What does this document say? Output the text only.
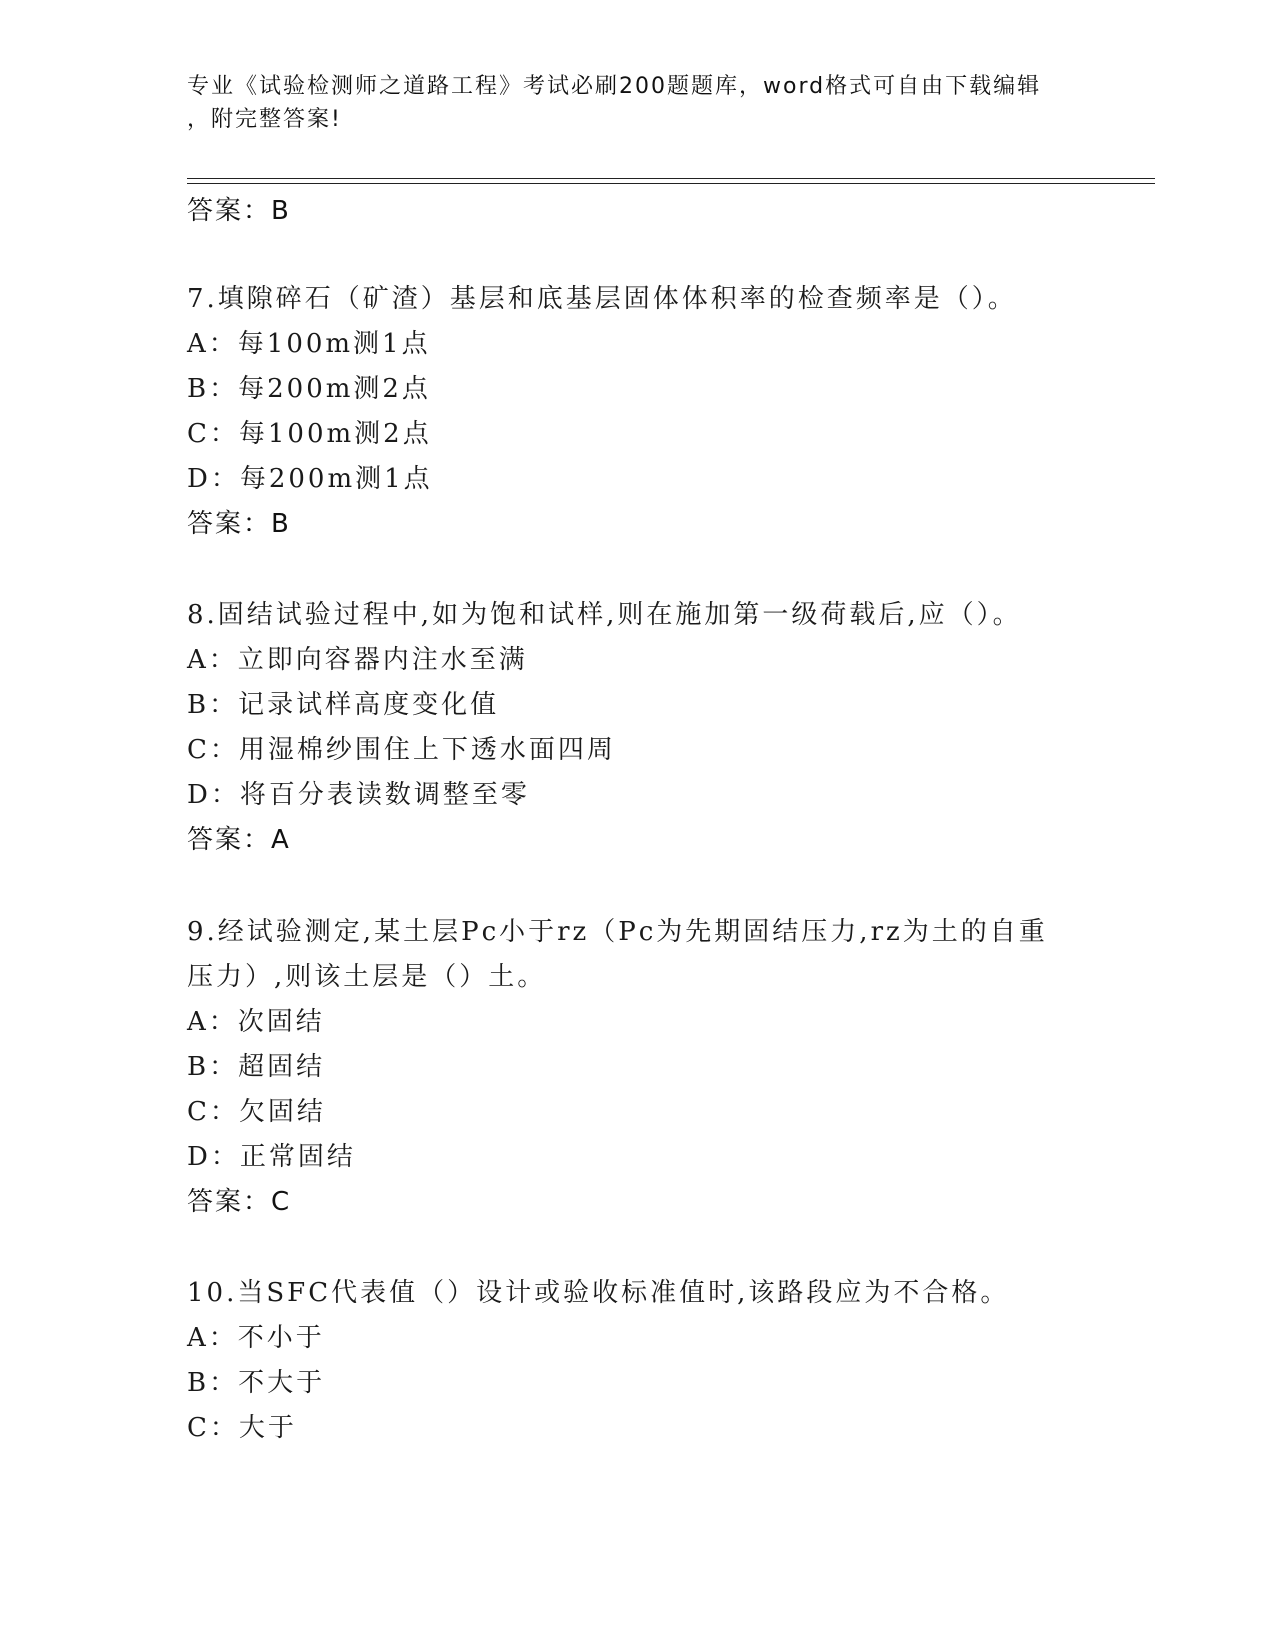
专业《试验检测师之道路工程》考试必刷200题题库，word格式可自由下载编辑
，附完整答案!
答案：B
7.填隙碎石（矿渣）基层和底基层固体体积率的检查频率是（）。
A：每100m测1点
B：每200m测2点
C：每100m测2点
D：每200m测1点
答案：B
8.固结试验过程中,如为饱和试样,则在施加第一级荷载后,应（）。
A：立即向容器内注水至满
B：记录试样高度变化值
C：用湿棉纱围住上下透水面四周
D：将百分表读数调整至零
答案：A
9.经试验测定,某土层Pc小于rz（Pc为先期固结压力,rz为土的自重
压力）,则该土层是（）土。
A：次固结
B：超固结
C：欠固结
D：正常固结
答案：C
10.当SFC代表值（）设计或验收标准值时,该路段应为不合格。
A：不小于
B：不大于
C：大于
